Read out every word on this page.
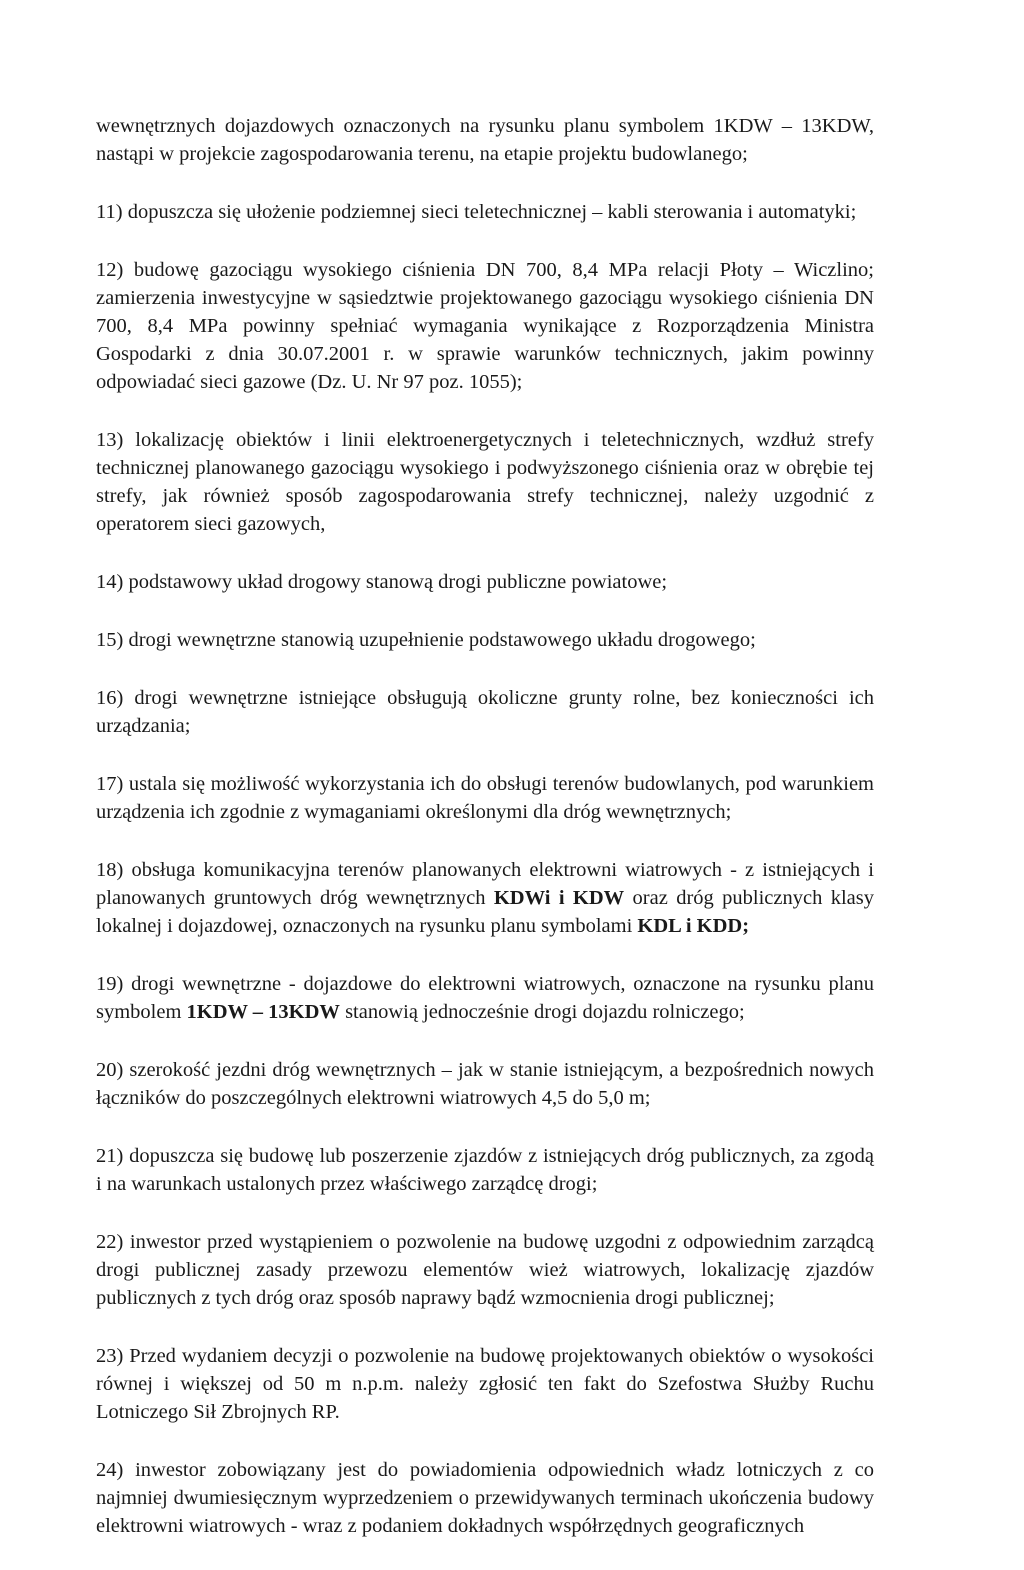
wewnętrznych dojazdowych oznaczonych na rysunku planu symbolem 1KDW – 13KDW, nastąpi w projekcie zagospodarowania terenu, na etapie projektu budowlanego;

11) dopuszcza się ułożenie podziemnej sieci teletechnicznej – kabli sterowania i automatyki;

12) budowę gazociągu wysokiego ciśnienia DN 700, 8,4 MPa relacji Płoty – Wiczlino; zamierzenia inwestycyjne w sąsiedztwie projektowanego gazociągu wysokiego ciśnienia DN 700, 8,4 MPa powinny spełniać wymagania wynikające z Rozporządzenia Ministra Gospodarki z dnia 30.07.2001 r. w sprawie warunków technicznych, jakim powinny odpowiadać sieci gazowe (Dz. U. Nr 97 poz. 1055);

13) lokalizację obiektów i linii elektroenergetycznych i teletechnicznych, wzdłuż strefy technicznej planowanego gazociągu wysokiego i podwyższonego ciśnienia oraz w obrębie tej strefy, jak również sposób zagospodarowania strefy technicznej, należy uzgodnić z operatorem sieci gazowych,

14) podstawowy układ drogowy stanową drogi publiczne powiatowe;

15) drogi wewnętrzne stanowią uzupełnienie podstawowego układu drogowego;

16) drogi wewnętrzne istniejące obsługują okoliczne grunty rolne, bez konieczności ich urządzania;

17) ustala się możliwość wykorzystania ich do obsługi terenów budowlanych, pod warunkiem urządzenia ich zgodnie z wymaganiami określonymi dla dróg wewnętrznych;

18) obsługa komunikacyjna terenów planowanych elektrowni wiatrowych - z istniejących i planowanych gruntowych dróg wewnętrznych KDWi i KDW oraz dróg publicznych klasy lokalnej i dojazdowej, oznaczonych na rysunku planu symbolami KDL i KDD;

19) drogi wewnętrzne - dojazdowe do elektrowni wiatrowych, oznaczone na rysunku planu symbolem 1KDW – 13KDW stanowią jednocześnie drogi dojazdu rolniczego;

20) szerokość jezdni dróg wewnętrznych – jak w stanie istniejącym, a bezpośrednich nowych łączników do poszczególnych elektrowni wiatrowych 4,5 do 5,0 m;

21) dopuszcza się budowę lub poszerzenie zjazdów z istniejących dróg publicznych, za zgodą i na warunkach ustalonych przez właściwego zarządcę drogi;

22) inwestor przed wystąpieniem o pozwolenie na budowę uzgodni z odpowiednim zarządcą drogi publicznej zasady przewozu elementów wież wiatrowych, lokalizację zjazdów publicznych z tych dróg oraz sposób naprawy bądź wzmocnienia drogi publicznej;

23) Przed wydaniem decyzji o pozwolenie na budowę projektowanych obiektów o wysokości równej i większej od 50 m n.p.m. należy zgłosić ten fakt do Szefostwa Służby Ruchu Lotniczego Sił Zbrojnych RP.

24) inwestor zobowiązany jest do powiadomienia odpowiednich władz lotniczych z co najmniej dwumiesięcznym wyprzedzeniem o przewidywanych terminach ukończenia budowy elektrowni wiatrowych - wraz z podaniem dokładnych współrzędnych geograficznych
